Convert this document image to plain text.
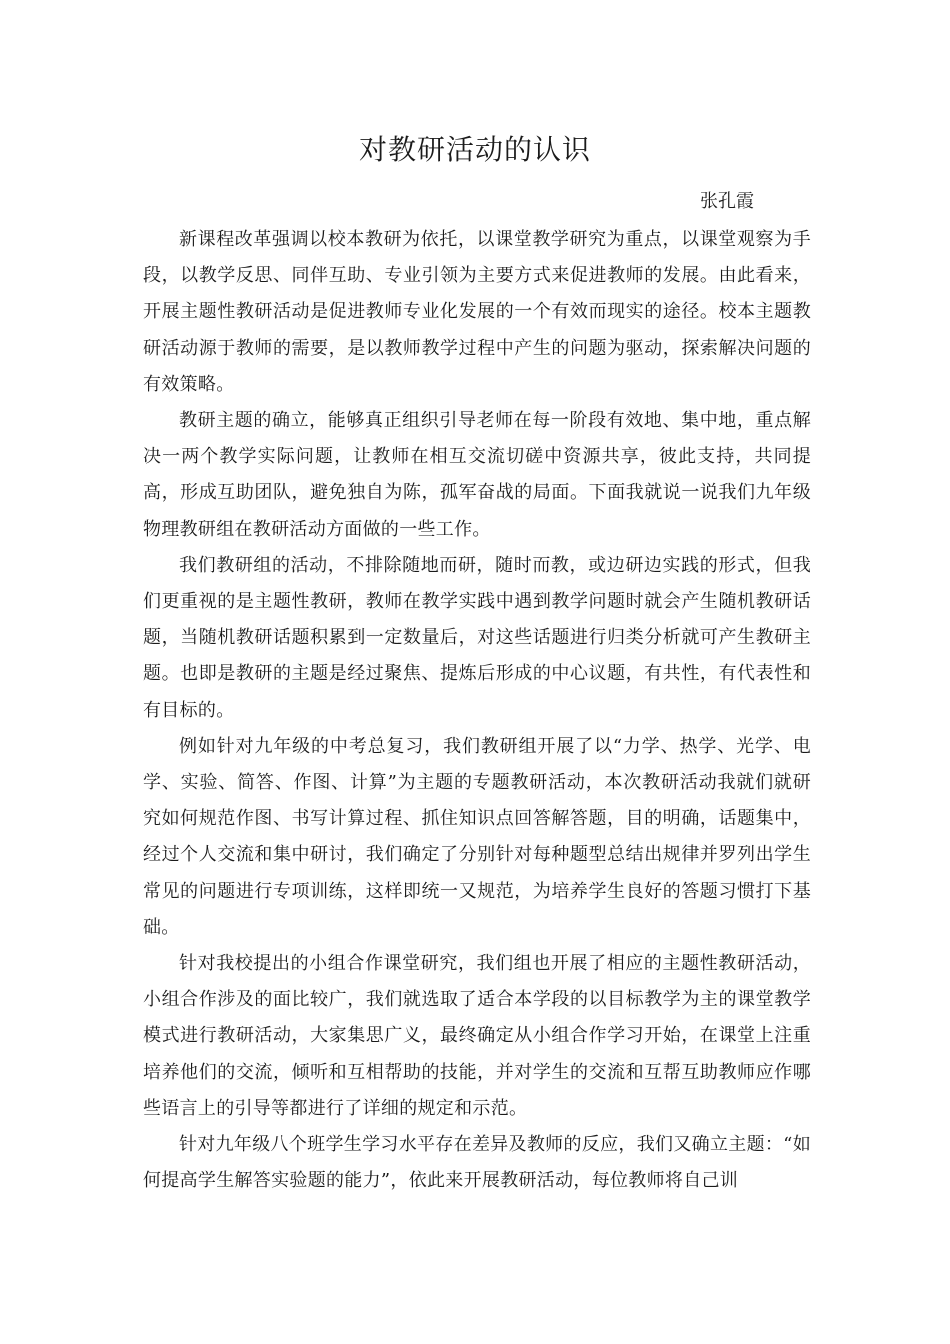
对教研活动的认识
张孔霞

新课程改革强调以校本教研为依托，以课堂教学研究为重点，以课堂观察为手段，以教学反思、同伴互助、专业引领为主要方式来促进教师的发展。由此看来，开展主题性教研活动是促进教师专业化发展的一个有效而现实的途径。校本主题教研活动源于教师的需要，是以教师教学过程中产生的问题为驱动，探索解决问题的有效策略。

教研主题的确立，能够真正组织引导老师在每一阶段有效地、集中地，重点解决一两个教学实际问题，让教师在相互交流切磋中资源共享，彼此支持，共同提高，形成互助团队，避免独自为陈，孤军奋战的局面。下面我就说一说我们九年级物理教研组在教研活动方面做的一些工作。

我们教研组的活动，不排除随地而研，随时而教，或边研边实践的形式，但我们更重视的是主题性教研，教师在教学实践中遇到教学问题时就会产生随机教研话题，当随机教研话题积累到一定数量后，对这些话题进行归类分析就可产生教研主题。也即是教研的主题是经过聚焦、提炼后形成的中心议题，有共性，有代表性和有目标的。

例如针对九年级的中考总复习，我们教研组开展了以“力学、热学、光学、电学、实验、简答、作图、计算”为主题的专题教研活动，本次教研活动我就们就研究如何规范作图、书写计算过程、抓住知识点回答解答题，目的明确，话题集中，经过个人交流和集中研讨，我们确定了分别针对每种题型总结出规律并罗列出学生常见的问题进行专项训练，这样即统一又规范，为培养学生良好的答题习惯打下基础。

针对我校提出的小组合作课堂研究，我们组也开展了相应的主题性教研活动，小组合作涉及的面比较广，我们就选取了适合本学段的以目标教学为主的课堂教学模式进行教研活动，大家集思广义，最终确定从小组合作学习开始，在课堂上注重培养他们的交流，倾听和互相帮助的技能，并对学生的交流和互帮互助教师应作哪些语言上的引导等都进行了详细的规定和示范。

针对九年级八个班学生学习水平存在差异及教师的反应，我们又确立主题：“如何提高学生解答实验题的能力”，依此来开展教研活动，每位教师将自己训
